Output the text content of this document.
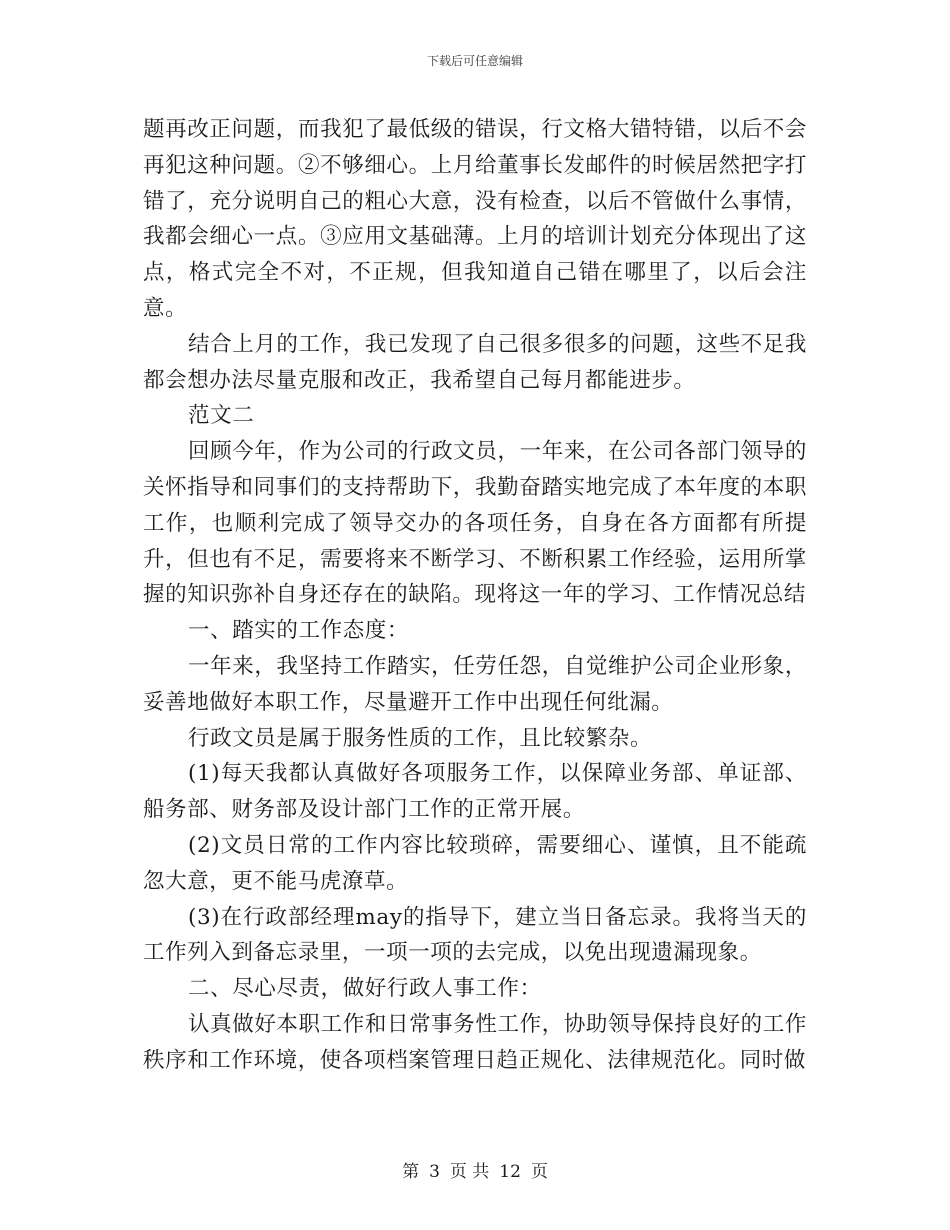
下载后可任意编辑

题再改正问题，而我犯了最低级的错误，行文格大错特错，以后不会再犯这种问题。②不够细心。上月给董事长发邮件的时候居然把字打错了，充分说明自己的粗心大意，没有检查，以后不管做什么事情，我都会细心一点。③应用文基础薄。上月的培训计划充分体现出了这点，格式完全不对，不正规，但我知道自己错在哪里了，以后会注意。

结合上月的工作，我已发现了自己很多很多的问题，这些不足我都会想办法尽量克服和改正，我希望自己每月都能进步。

范文二

回顾今年，作为公司的行政文员，一年来，在公司各部门领导的关怀指导和同事们的支持帮助下，我勤奋踏实地完成了本年度的本职工作，也顺利完成了领导交办的各项任务，自身在各方面都有所提升，但也有不足，需要将来不断学习、不断积累工作经验，运用所掌握的知识弥补自身还存在的缺陷。现将这一年的学习、工作情况总结

一、踏实的工作态度：

一年来，我坚持工作踏实，任劳任怨，自觉维护公司企业形象，妥善地做好本职工作，尽量避开工作中出现任何纰漏。

行政文员是属于服务性质的工作，且比较繁杂。

(1)每天我都认真做好各项服务工作，以保障业务部、单证部、船务部、财务部及设计部门工作的正常开展。

(2)文员日常的工作内容比较琐碎，需要细心、谨慎，且不能疏忽大意，更不能马虎潦草。

(3)在行政部经理may的指导下，建立当日备忘录。我将当天的工作列入到备忘录里，一项一项的去完成，以免出现遗漏现象。

二、尽心尽责，做好行政人事工作：

认真做好本职工作和日常事务性工作，协助领导保持良好的工作秩序和工作环境，使各项档案管理日趋正规化、法律规范化。同时做

第 3 页 共 12 页
